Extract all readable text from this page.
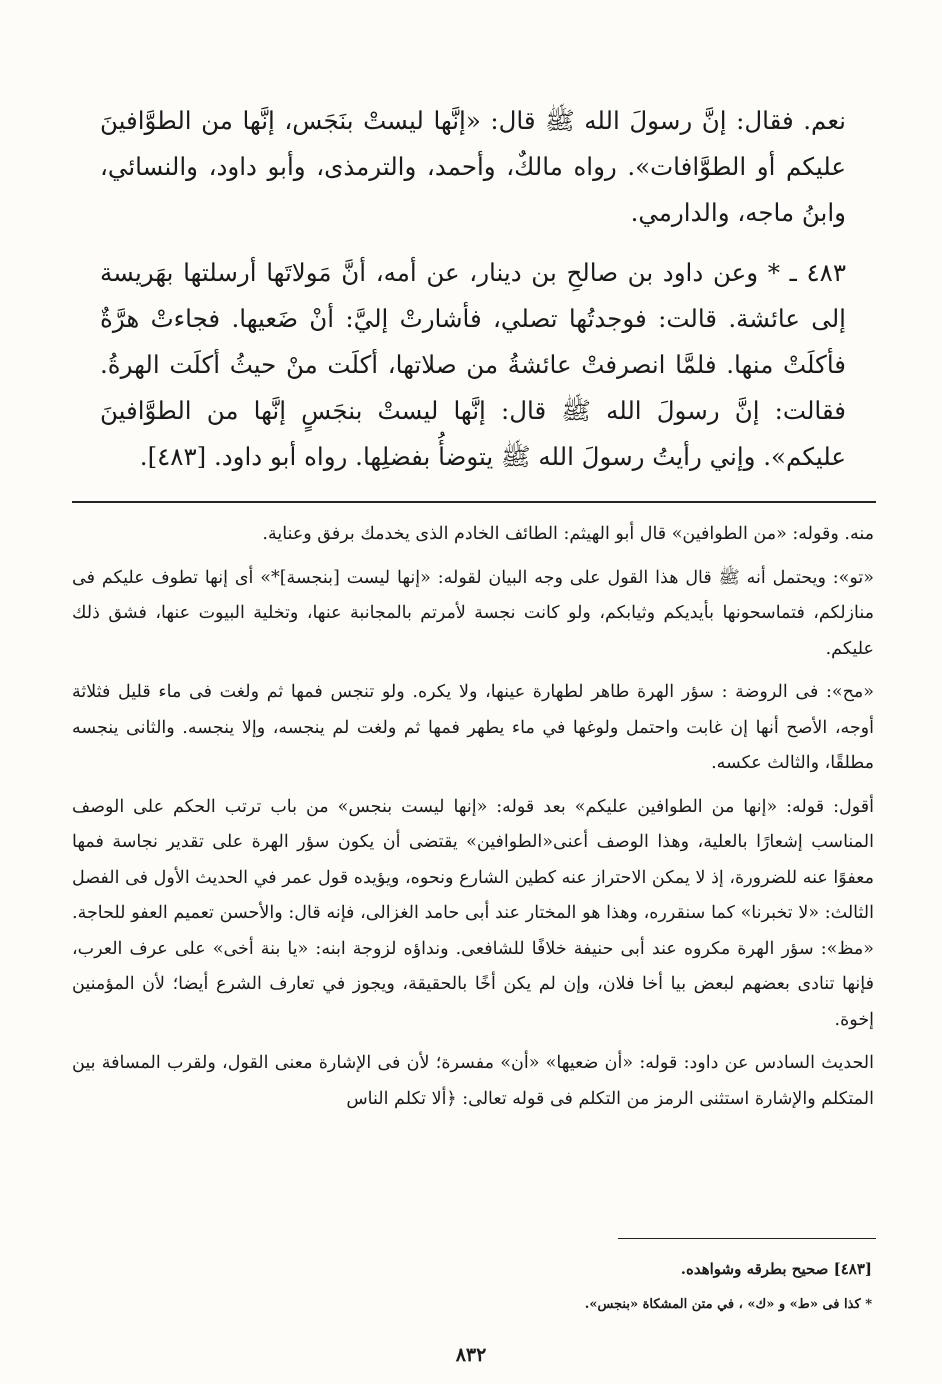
نعم. فقال: إنَّ رسولَ الله ﷺ قال: «إنَّها ليستْ بنَجَس، إنَّها من الطوَّافينَ عليكم أو الطوَّافات». رواه مالكٌ، وأحمد، والترمذى، وأبو داود، والنسائي، وابنُ ماجه، والدارمي.

٤٨٣ ـ * وعن داود بن صالحِ بن دينار، عن أمه، أنَّ مَولاتَها أرسلتها بهَريسة إلى عائشة. قالت: فوجدتُها تصلي، فأشارتْ إليَّ: أنْ ضَعيها. فجاءتْ هرَّةٌ فأكلَتْ منها. فلمَّا انصرفتْ عائشةُ من صلاتها، أكلَت منْ حيثُ أكلَت الهرةُ. فقالت: إنَّ رسولَ الله ﷺ قال: إنَّها ليستْ بنجَسٍ إنَّها من الطوَّافينَ عليكم». وإني رأيتُ رسولَ الله ﷺ يتوضأُ بفضلِها. رواه أبو داود. [٤٨٣].

منه. وقوله: «من الطوافين» قال أبو الهيثم: الطائف الخادم الذى يخدمك برفق وعناية.

«تو»: ويحتمل أنه ﷺ قال هذا القول على وجه البيان لقوله: «إنها ليست [بنجسة]*» أى إنها تطوف عليكم فى منازلكم، فتماسحونها بأيديكم وثيابكم، ولو كانت نجسة لأمرتم بالمجانبة عنها، وتخلية البيوت عنها، فشق ذلك عليكم.

«مح»: فى الروضة : سؤر الهرة طاهر لطهارة عينها، ولا يكره. ولو تنجس فمها ثم ولغت فى ماء قليل فثلاثة أوجه، الأصح أنها إن غابت واحتمل ولوغها في ماء يطهر فمها ثم ولغت لم ينجسه، وإلا ينجسه. والثانى ينجسه مطلقًا، والثالث عكسه.

أقول: قوله: «إنها من الطوافين عليكم» بعد قوله: «إنها ليست بنجس» من باب ترتب الحكم على الوصف المناسب إشعارًا بالعلية، وهذا الوصف أعنى«الطوافين» يقتضى أن يكون سؤر الهرة على تقدير نجاسة فمها معفوًا عنه للضرورة، إذ لا يمكن الاحتراز عنه كطين الشارع ونحوه، ويؤيده قول عمر في الحديث الأول فى الفصل الثالث: «لا تخبرنا» كما سنقرره، وهذا هو المختار عند أبى حامد الغزالى، فإنه قال: والأحسن تعميم العفو للحاجة. «مظ»: سؤر الهرة مكروه عند أبى حنيفة خلافًا للشافعى. ونداؤه لزوجة ابنه: «يا بنة أخى» على عرف العرب، فإنها تنادى بعضهم لبعض بيا أخا فلان، وإن لم يكن أخًا بالحقيقة، ويجوز في تعارف الشرع أيضا؛ لأن المؤمنين إخوة.

الحديث السادس عن داود: قوله: «أن ضعيها» «أن» مفسرة؛ لأن فى الإشارة معنى القول، ولقرب المسافة بين المتكلم والإشارة استثنى الرمز من التكلم فى قوله تعالى: ﴿ألا تكلم الناس

[٤٨٣] صحيح بطرقه وشواهده.

* كذا فى «ط» و «ك» ، في متن المشكاة «بنجس».

٨٣٢
